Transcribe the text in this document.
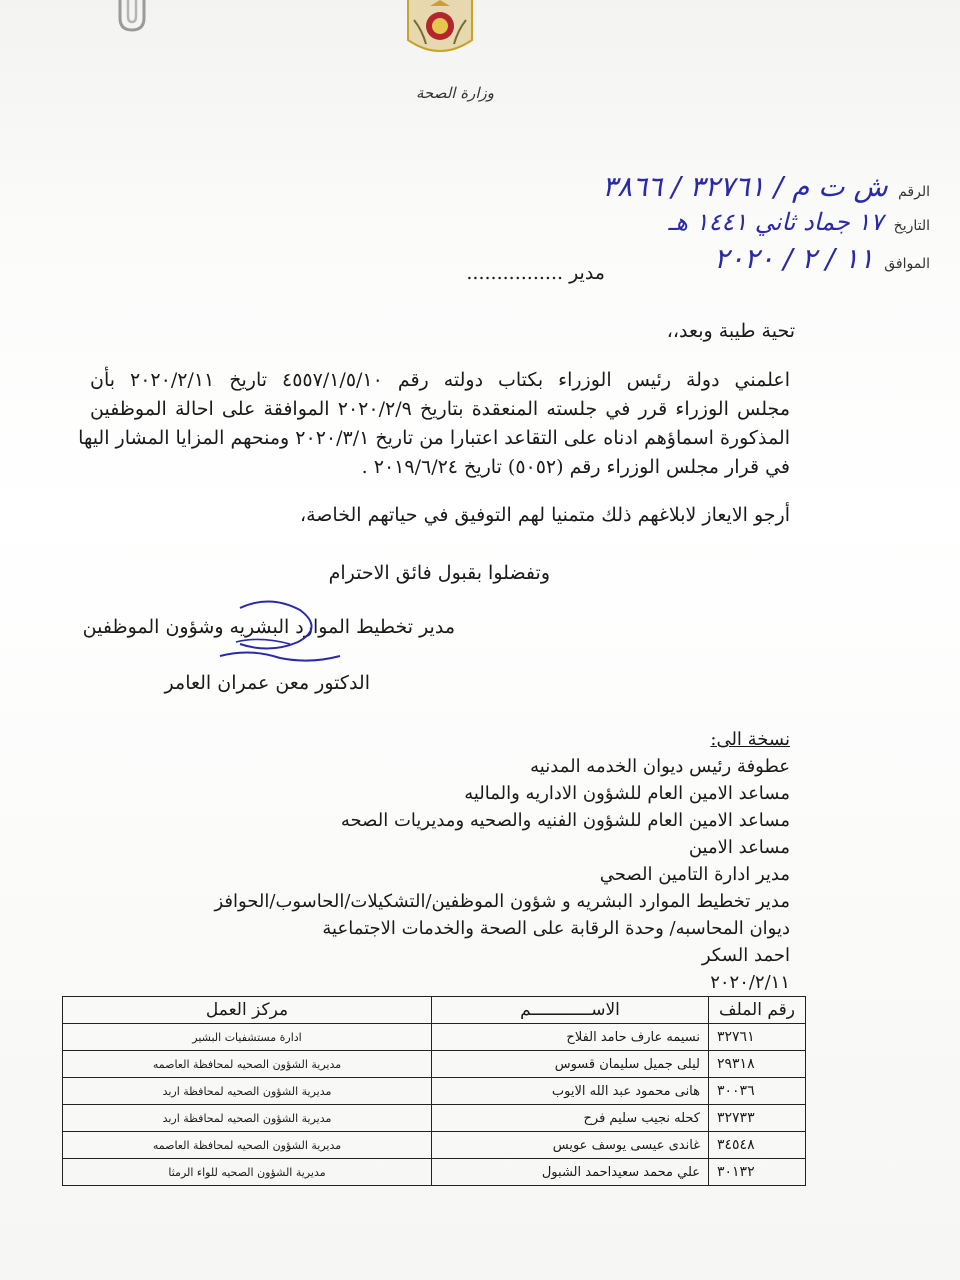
وزارة الصحة
الرقم ش ت م / ٣٢٧٦١ / ٣٨٦٦
التاريخ ١٧ جماد ثاني ١٤٤١ هـ
الموافق ١١ / ٢ / ٢٠٢٠
مدير ................
تحية طيبة وبعد،،
اعلمني دولة رئيس الوزراء بكتاب دولته رقم ٤٥٥٧/١/٥/١٠ تاريخ ٢٠٢٠/٢/١١ بأن
مجلس الوزراء قرر في جلسته المنعقدة بتاريخ ٢٠٢٠/٢/٩ الموافقة على احالة الموظفين
المذكورة اسماؤهم ادناه على التقاعد اعتبارا من تاريخ ٢٠٢٠/٣/١ ومنحهم المزايا المشار اليها
في قرار مجلس الوزراء رقم (٥٠٥٢) تاريخ ٢٠١٩/٦/٢٤ .
أرجو الايعاز لابلاغهم ذلك متمنيا لهم التوفيق في حياتهم الخاصة،
وتفضلوا بقبول فائق الاحترام
مدير تخطيط الموارد البشريه وشؤون الموظفين
الدكتور معن عمران العامر
نسخة الى:
عطوفة رئيس ديوان الخدمه المدنيه
مساعد الامين العام للشؤون الاداريه والماليه
مساعد الامين العام للشؤون الفنيه والصحيه ومديريات الصحه
مساعد الامين
مدير ادارة التامين الصحي
مدير تخطيط الموارد البشريه و شؤون الموظفين/التشكيلات/الحاسوب/الحوافز
ديوان المحاسبه/ وحدة الرقابة على الصحة والخدمات الاجتماعية
احمد السكر
٢٠٢٠/٢/١١
رقم الملف	الاســــــــــــم	مركز العمل
٣٢٧٦١	نسيمه عارف حامد الفلاح	ادارة مستشفيات البشير
٢٩٣١٨	ليلى جميل سليمان قسوس	مديرية الشؤون الصحيه لمحافظة العاصمه
٣٠٠٣٦	هانى محمود عبد الله الايوب	مديرية الشؤون الصحيه لمحافظة اربد
٣٢٧٣٣	كحله نجيب سليم فرح	مديرية الشؤون الصحيه لمحافظة اربد
٣٤٥٤٨	غاندى عيسى يوسف عويس	مديرية الشؤون الصحيه لمحافظة العاصمه
٣٠١٣٢	علي محمد سعيداحمد الشبول	مديرية الشؤون الصحيه للواء الرمثا
